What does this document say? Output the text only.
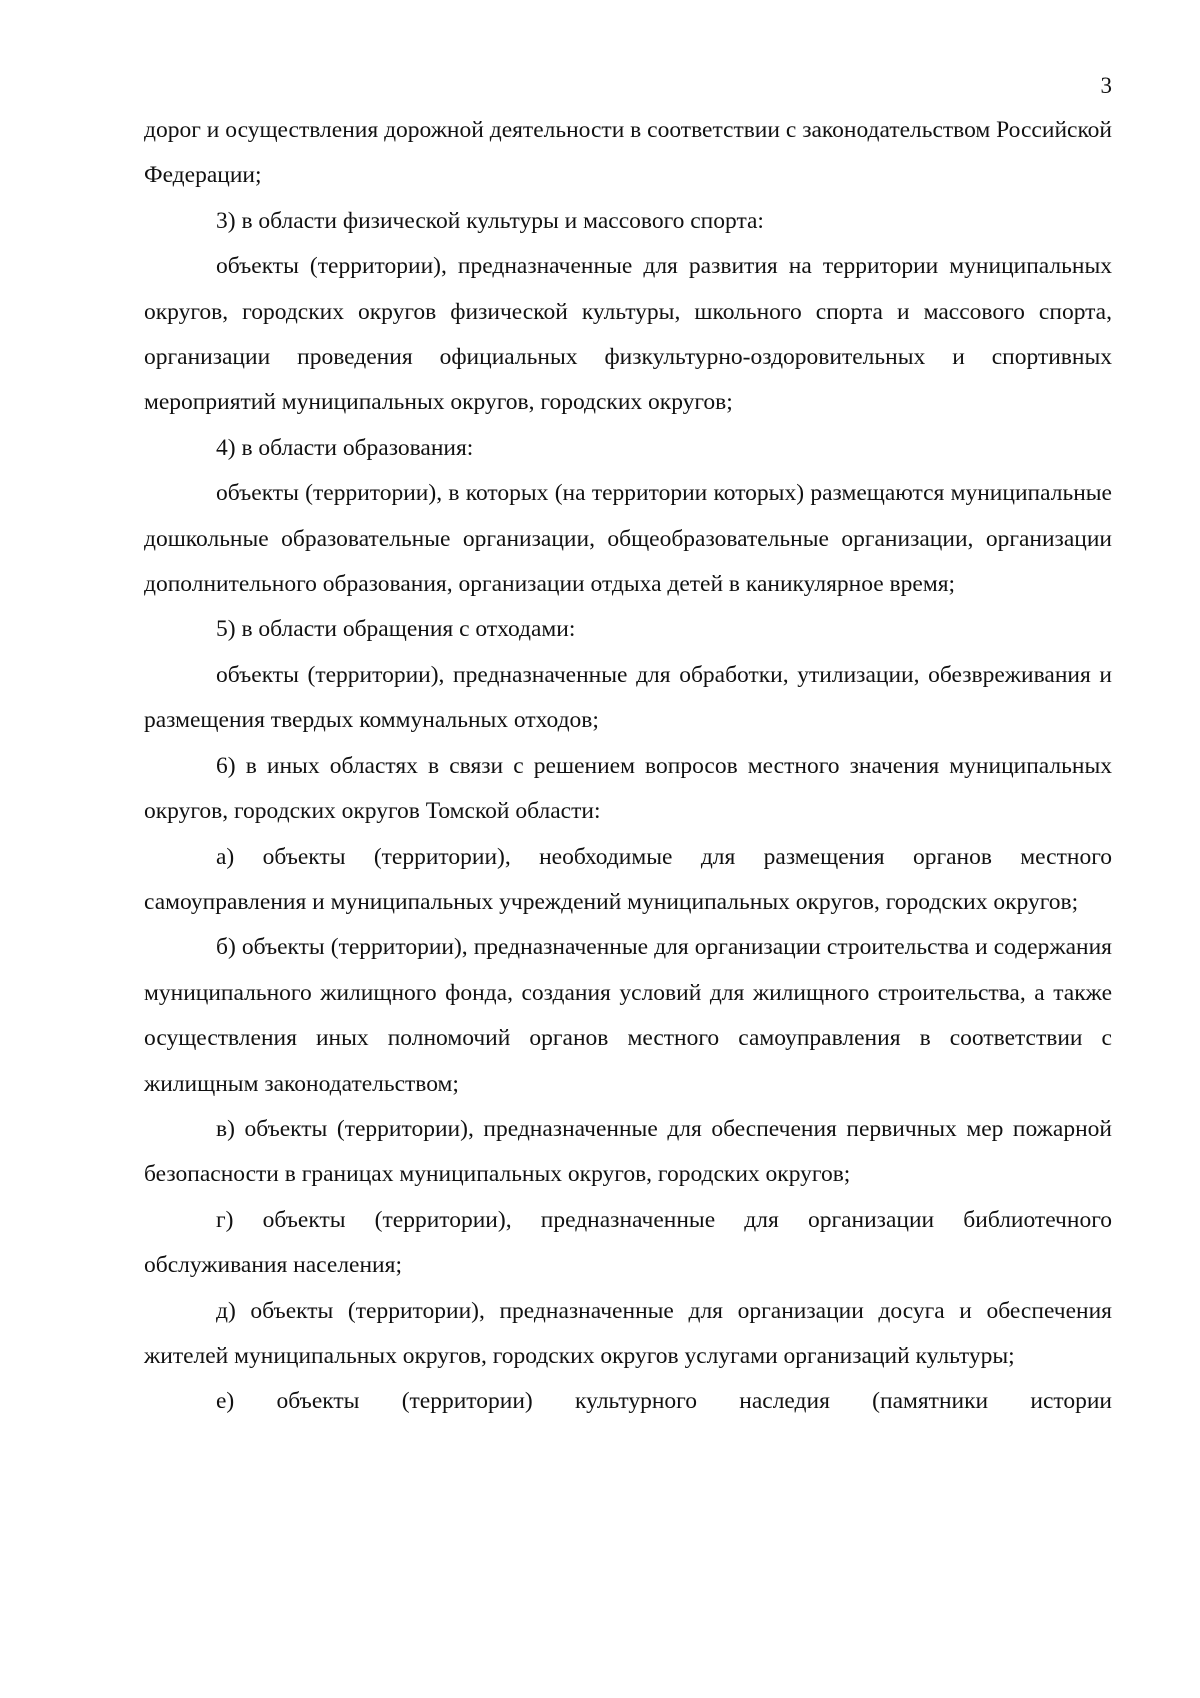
3

дорог и осуществления дорожной деятельности в соответствии с законодательством Российской Федерации;

3) в области физической культуры и массового спорта:

объекты (территории), предназначенные для развития на территории муниципальных округов, городских округов физической культуры, школьного спорта и массового спорта, организации проведения официальных физкультурно-оздоровительных и спортивных мероприятий муниципальных округов, городских округов;

4) в области образования:

объекты (территории), в которых (на территории которых) размещаются муниципальные дошкольные образовательные организации, общеобразовательные организации, организации дополнительного образования, организации отдыха детей в каникулярное время;

5) в области обращения с отходами:

объекты (территории), предназначенные для обработки, утилизации, обезвреживания и размещения твердых коммунальных отходов;

6) в иных областях в связи с решением вопросов местного значения муниципальных округов, городских округов Томской области:

а) объекты (территории), необходимые для размещения органов местного самоуправления и муниципальных учреждений муниципальных округов, городских округов;

б) объекты (территории), предназначенные для организации строительства и содержания муниципального жилищного фонда, создания условий для жилищного строительства, а также осуществления иных полномочий органов местного самоуправления в соответствии с жилищным законодательством;

в) объекты (территории), предназначенные для обеспечения первичных мер пожарной безопасности в границах муниципальных округов, городских округов;

г) объекты (территории), предназначенные для организации библиотечного обслуживания населения;

д) объекты (территории), предназначенные для организации досуга и обеспечения жителей муниципальных округов, городских округов услугами организаций культуры;

е) объекты (территории) культурного наследия (памятники истории
